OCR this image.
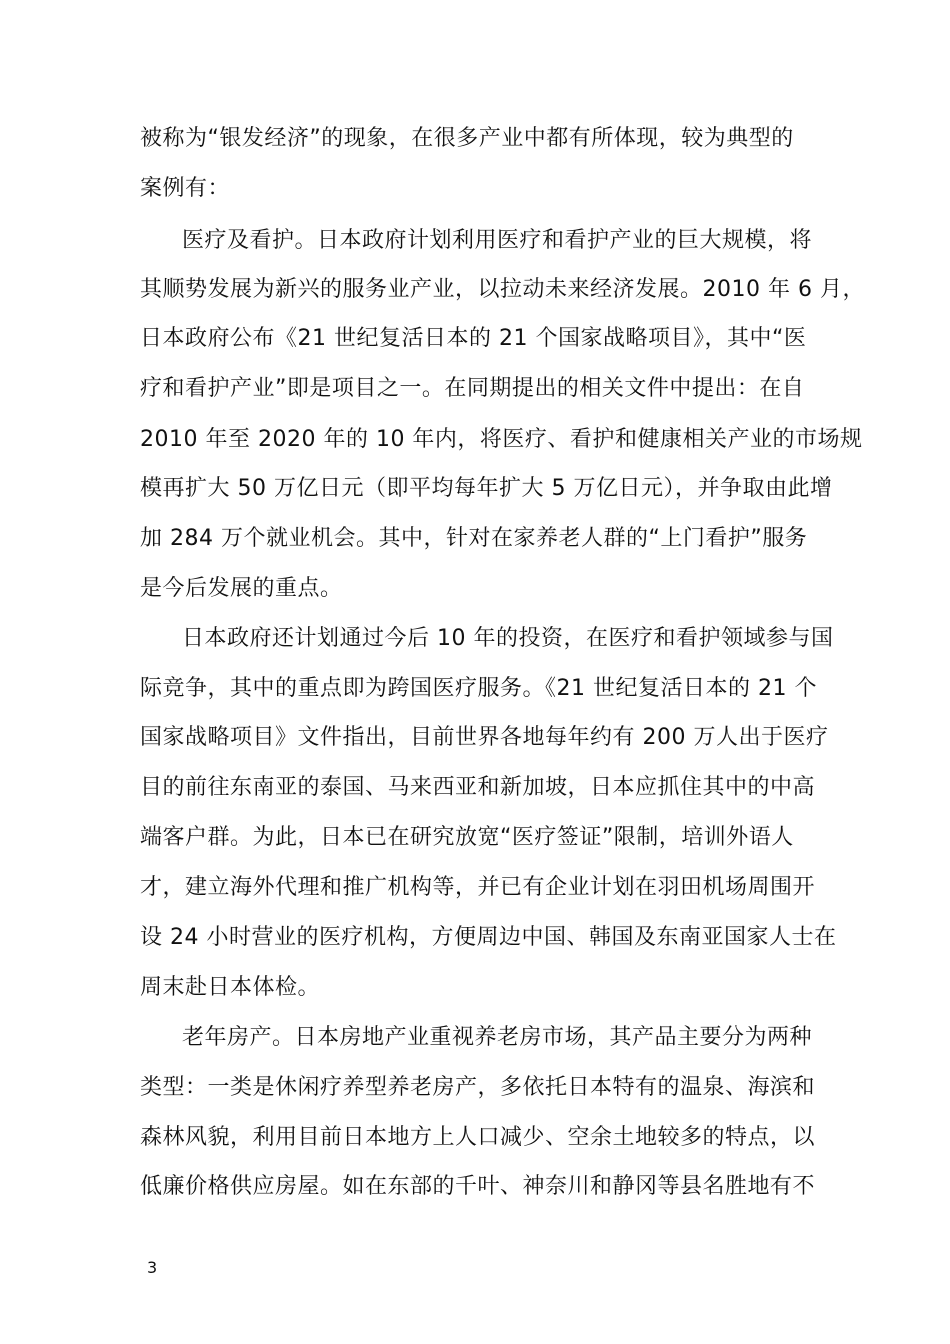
被称为“银发经济”的现象，在很多产业中都有所体现，较为典型的
案例有：
医疗及看护。日本政府计划利用医疗和看护产业的巨大规模，将
其顺势发展为新兴的服务业产业，以拉动未来经济发展。2010 年 6 月，
日本政府公布《21 世纪复活日本的 21 个国家战略项目》，其中“医
疗和看护产业”即是项目之一。在同期提出的相关文件中提出：在自
2010 年至 2020 年的 10 年内，将医疗、看护和健康相关产业的市场规
模再扩大 50 万亿日元（即平均每年扩大 5 万亿日元），并争取由此增
加 284 万个就业机会。其中，针对在家养老人群的“上门看护”服务
是今后发展的重点。
日本政府还计划通过今后 10 年的投资，在医疗和看护领域参与国
际竞争，其中的重点即为跨国医疗服务。《21 世纪复活日本的 21 个
国家战略项目》文件指出，目前世界各地每年约有 200 万人出于医疗
目的前往东南亚的泰国、马来西亚和新加坡，日本应抓住其中的中高
端客户群。为此，日本已在研究放宽“医疗签证”限制，培训外语人
才，建立海外代理和推广机构等，并已有企业计划在羽田机场周围开
设 24 小时营业的医疗机构，方便周边中国、韩国及东南亚国家人士在
周末赴日本体检。
老年房产。日本房地产业重视养老房市场，其产品主要分为两种
类型：一类是休闲疗养型养老房产，多依托日本特有的温泉、海滨和
森林风貌，利用目前日本地方上人口减少、空余土地较多的特点，以
低廉价格供应房屋。如在东部的千叶、神奈川和静冈等县名胜地有不
3
